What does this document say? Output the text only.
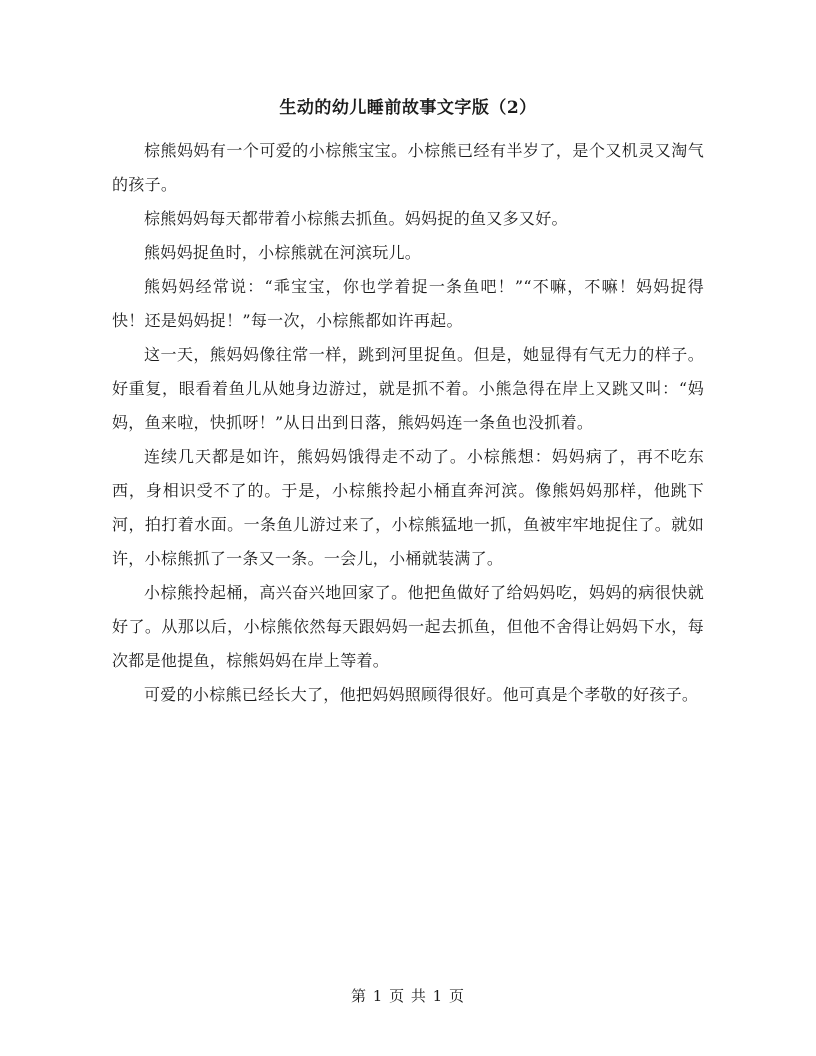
生动的幼儿睡前故事文字版（2）

棕熊妈妈有一个可爱的小棕熊宝宝。小棕熊已经有半岁了，是个又机灵又淘气的孩子。

棕熊妈妈每天都带着小棕熊去抓鱼。妈妈捉的鱼又多又好。

熊妈妈捉鱼时，小棕熊就在河滨玩儿。

熊妈妈经常说：“乖宝宝，你也学着捉一条鱼吧！”“不嘛，不嘛！妈妈捉得快！还是妈妈捉！”每一次，小棕熊都如许再起。

这一天，熊妈妈像往常一样，跳到河里捉鱼。但是，她显得有气无力的样子。好重复，眼看着鱼儿从她身边游过，就是抓不着。小熊急得在岸上又跳又叫：“妈妈，鱼来啦，快抓呀！”从日出到日落，熊妈妈连一条鱼也没抓着。

连续几天都是如许，熊妈妈饿得走不动了。小棕熊想：妈妈病了，再不吃东西，身相识受不了的。于是，小棕熊拎起小桶直奔河滨。像熊妈妈那样，他跳下河，拍打着水面。一条鱼儿游过来了，小棕熊猛地一抓，鱼被牢牢地捉住了。就如许，小棕熊抓了一条又一条。一会儿，小桶就装满了。

小棕熊拎起桶，高兴奋兴地回家了。他把鱼做好了给妈妈吃，妈妈的病很快就好了。从那以后，小棕熊依然每天跟妈妈一起去抓鱼，但他不舍得让妈妈下水，每次都是他提鱼，棕熊妈妈在岸上等着。

可爱的小棕熊已经长大了，他把妈妈照顾得很好。他可真是个孝敬的好孩子。

第 1 页 共 1 页
